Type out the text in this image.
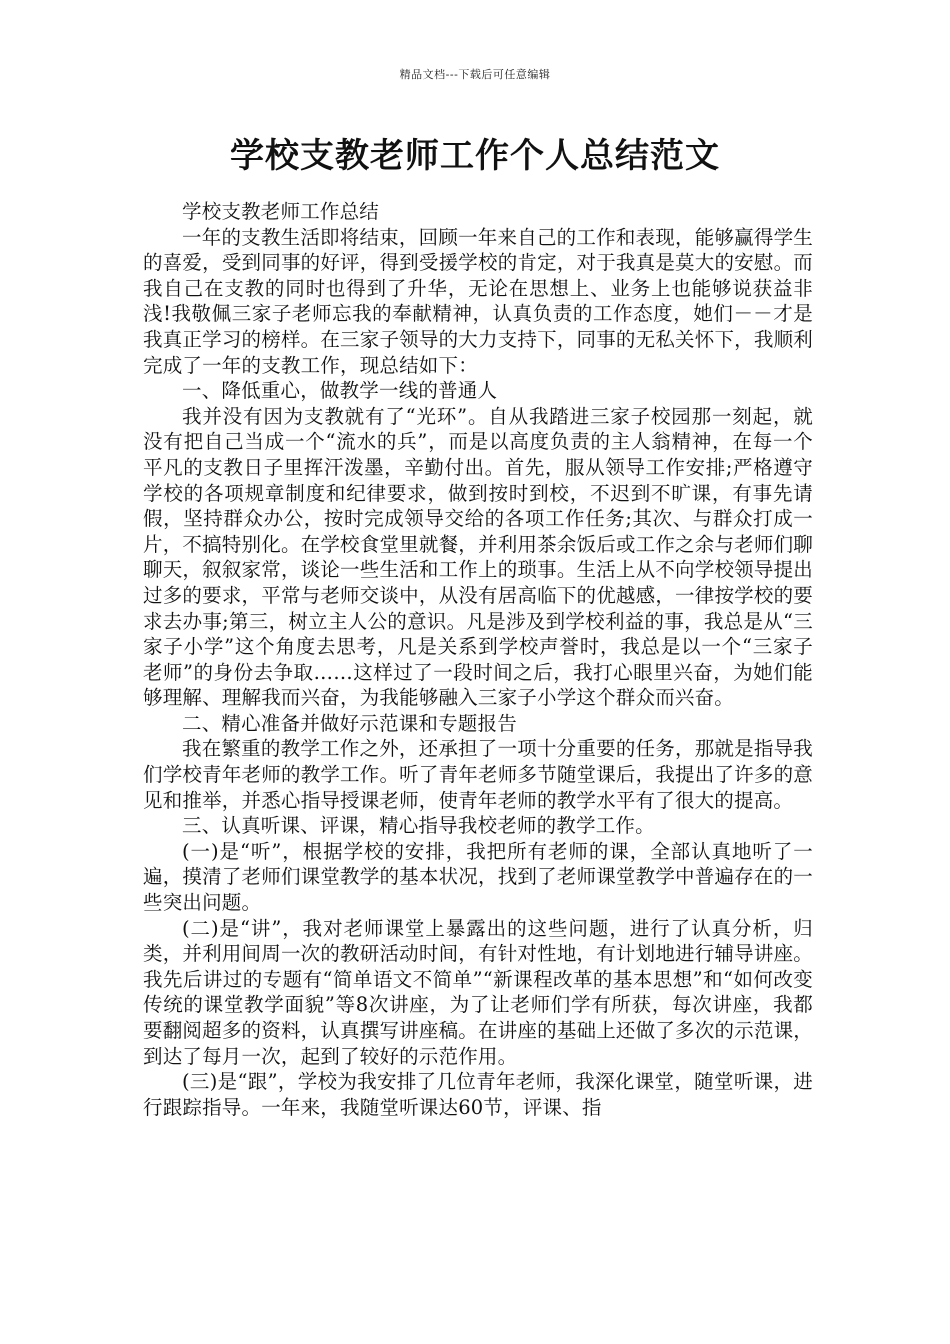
精品文档---下载后可任意编辑
学校支教老师工作个人总结范文

学校支教老师工作总结

一年的支教生活即将结束，回顾一年来自己的工作和表现，能够赢得学生的喜爱，受到同事的好评，得到受援学校的肯定，对于我真是莫大的安慰。而我自己在支教的同时也得到了升华，无论在思想上、业务上也能够说获益非浅!我敬佩三家子老师忘我的奉献精神，认真负责的工作态度，她们－－才是我真正学习的榜样。在三家子领导的大力支持下，同事的无私关怀下，我顺利完成了一年的支教工作，现总结如下：

一、降低重心，做教学一线的普通人

我并没有因为支教就有了“光环”。自从我踏进三家子校园那一刻起，就没有把自己当成一个“流水的兵”，而是以高度负责的主人翁精神，在每一个平凡的支教日子里挥汗泼墨，辛勤付出。首先，服从领导工作安排;严格遵守学校的各项规章制度和纪律要求，做到按时到校，不迟到不旷课，有事先请假，坚持群众办公，按时完成领导交给的各项工作任务;其次、与群众打成一片，不搞特别化。在学校食堂里就餐，并利用茶余饭后或工作之余与老师们聊聊天，叙叙家常，谈论一些生活和工作上的琐事。生活上从不向学校领导提出过多的要求，平常与老师交谈中，从没有居高临下的优越感，一律按学校的要求去办事;第三，树立主人公的意识。凡是涉及到学校利益的事，我总是从“三家子小学”这个角度去思考，凡是关系到学校声誉时，我总是以一个“三家子老师”的身份去争取……这样过了一段时间之后，我打心眼里兴奋，为她们能够理解、理解我而兴奋，为我能够融入三家子小学这个群众而兴奋。

二、精心准备并做好示范课和专题报告

我在繁重的教学工作之外，还承担了一项十分重要的任务，那就是指导我们学校青年老师的教学工作。听了青年老师多节随堂课后，我提出了许多的意见和推举，并悉心指导授课老师，使青年老师的教学水平有了很大的提高。

三、认真听课、评课，精心指导我校老师的教学工作。

(一)是“听”，根据学校的安排，我把所有老师的课，全部认真地听了一遍，摸清了老师们课堂教学的基本状况，找到了老师课堂教学中普遍存在的一些突出问题。

(二)是“讲”，我对老师课堂上暴露出的这些问题，进行了认真分析，归类，并利用间周一次的教研活动时间，有针对性地，有计划地进行辅导讲座。我先后讲过的专题有“简单语文不简单”“新课程改革的基本思想”和“如何改变传统的课堂教学面貌”等8次讲座，为了让老师们学有所获，每次讲座，我都要翻阅超多的资料，认真撰写讲座稿。在讲座的基础上还做了多次的示范课，到达了每月一次，起到了较好的示范作用。

(三)是“跟”，学校为我安排了几位青年老师，我深化课堂，随堂听课，进行跟踪指导。一年来，我随堂听课达60节，评课、指
